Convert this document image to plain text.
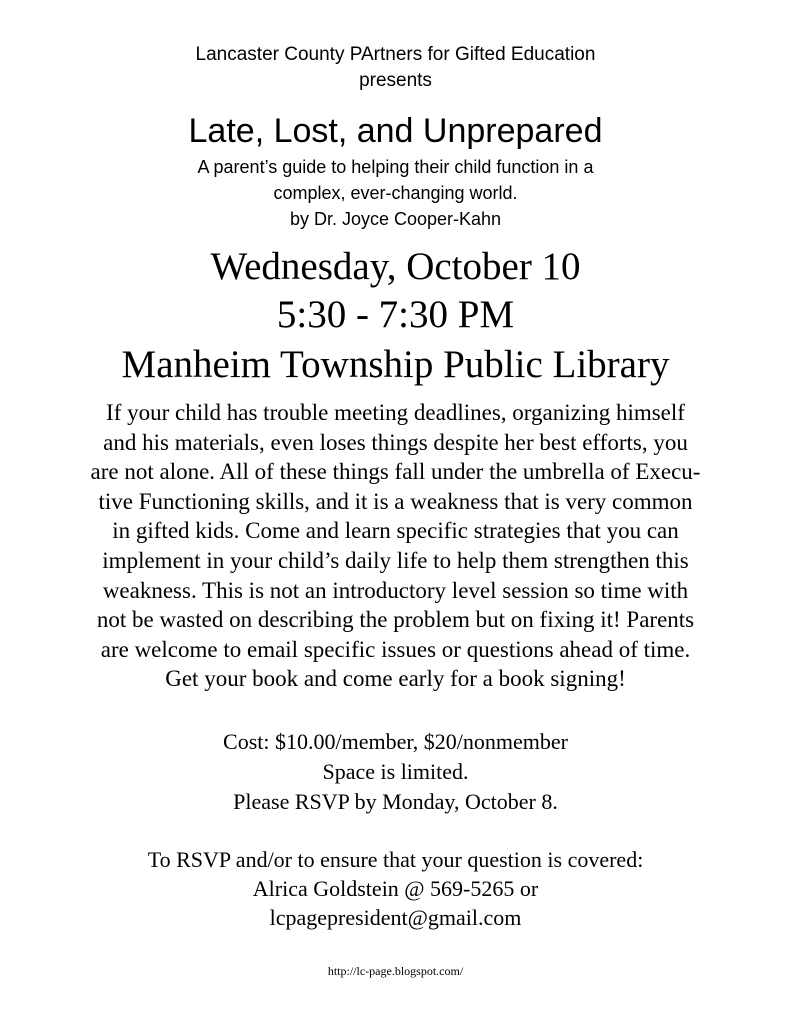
Lancaster County PArtners for Gifted Education
presents
Late, Lost, and Unprepared
A parent’s guide to helping their child function in a
complex, ever-changing world.
by Dr. Joyce Cooper-Kahn
Wednesday, October 10
5:30 - 7:30 PM
Manheim Township Public Library
If your child has trouble meeting deadlines, organizing himself
and his materials, even loses things despite her best efforts, you
are not alone. All of these things fall under the umbrella of Execu-
tive Functioning skills, and it is a weakness that is very common
in gifted kids. Come and learn specific strategies that you can
implement in your child’s daily life to help them strengthen this
weakness. This is not an introductory level session so time with
not be wasted on describing the problem but on fixing it! Parents
are welcome to email specific issues or questions ahead of time.
Get your book and come early for a book signing!
Cost: $10.00/member, $20/nonmember
Space is limited.
Please RSVP by Monday, October 8.
To RSVP and/or to ensure that your question is covered:
Alrica Goldstein @ 569-5265 or
lcpagepresident@gmail.com
http://lc-page.blogspot.com/
